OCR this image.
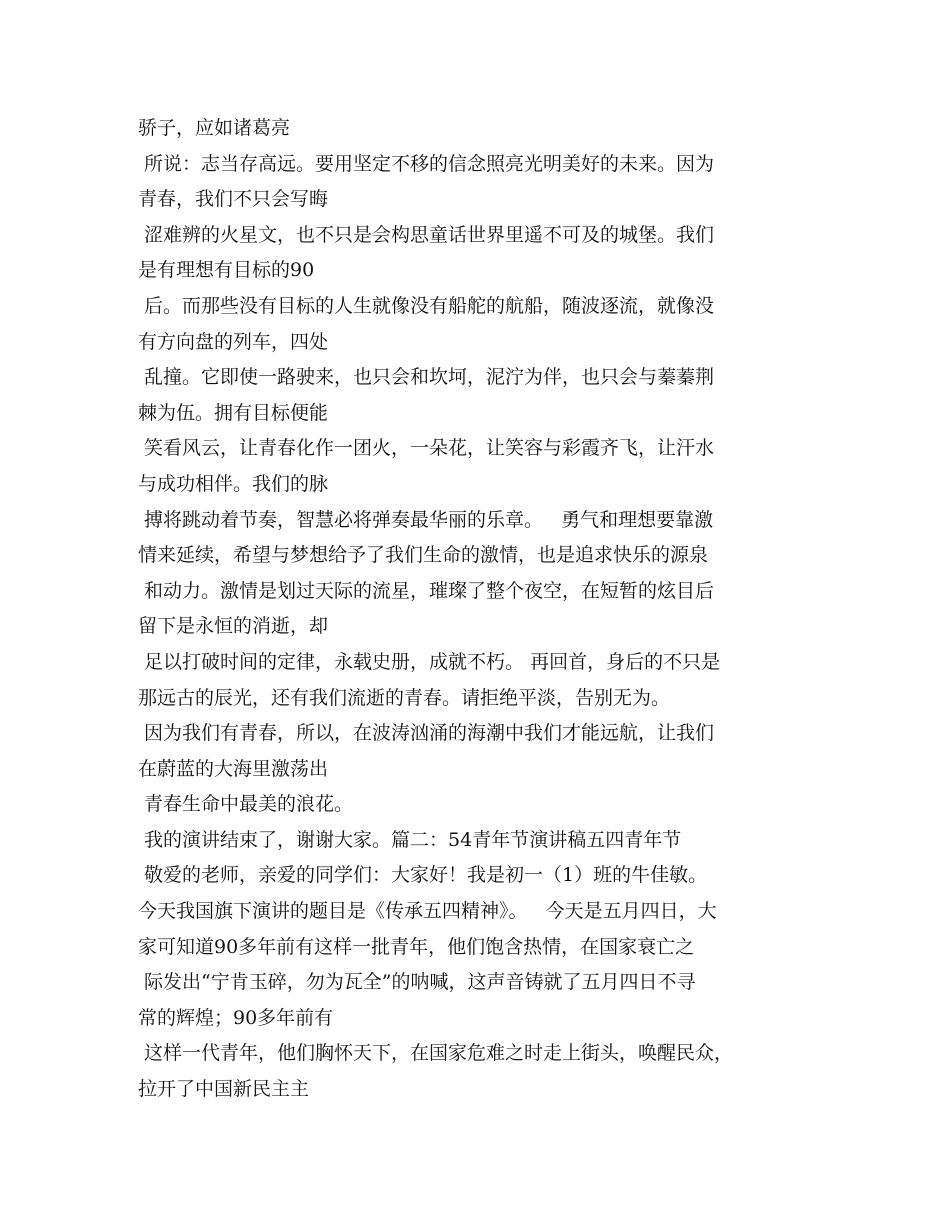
骄子，应如诸葛亮
所说：志当存高远。要用坚定不移的信念照亮光明美好的未来。因为
青春，我们不只会写晦
涩难辨的火星文，也不只是会构思童话世界里遥不可及的城堡。我们
是有理想有目标的90
后。而那些没有目标的人生就像没有船舵的航船，随波逐流，就像没
有方向盘的列车，四处
乱撞。它即使一路驶来，也只会和坎坷，泥泞为伴，也只会与蓁蓁荆
棘为伍。拥有目标便能
笑看风云，让青春化作一团火，一朵花，让笑容与彩霞齐飞，让汗水
与成功相伴。我们的脉
搏将跳动着节奏，智慧必将弹奏最华丽的乐章。   勇气和理想要靠激
情来延续，希望与梦想给予了我们生命的激情，也是追求快乐的源泉
和动力。激情是划过天际的流星，璀璨了整个夜空，在短暂的炫目后
留下是永恒的消逝，却
足以打破时间的定律，永载史册，成就不朽。 再回首，身后的不只是
那远古的辰光，还有我们流逝的青春。请拒绝平淡，告别无为。
因为我们有青春，所以，在波涛汹涌的海潮中我们才能远航，让我们
在蔚蓝的大海里激荡出
青春生命中最美的浪花。
我的演讲结束了，谢谢大家。篇二：54青年节演讲稿五四青年节
敬爱的老师，亲爱的同学们：大家好！我是初一（1）班的牛佳敏。
今天我国旗下演讲的题目是《传承五四精神》。   今天是五月四日，大
家可知道90多年前有这样一批青年，他们饱含热情，在国家衰亡之
际发出“宁肯玉碎，勿为瓦全”的呐喊，这声音铸就了五月四日不寻
常的辉煌；90多年前有
这样一代青年，他们胸怀天下，在国家危难之时走上街头，唤醒民众，
拉开了中国新民主主
